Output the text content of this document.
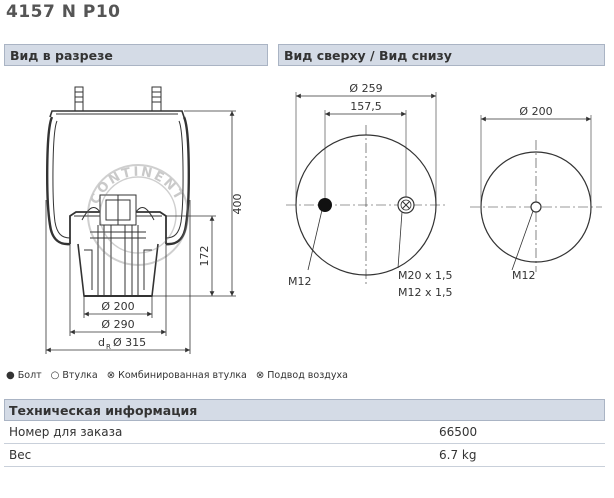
4157 N P10
Вид в разрезе	Вид сверху / Вид снизу
CONTINENT	400
172
Ø 200
Ø 290
d R Ø 315
Ø 259
157,5
M12	M20 x 1,5
M12 x 1,5
Ø 200
M12
● Болт ○ Втулка ⊗ Комбинированная втулка ⊗ Подвод воздуха
Техническая информация
Номер для заказа	66500
Вес	6.7 kg
